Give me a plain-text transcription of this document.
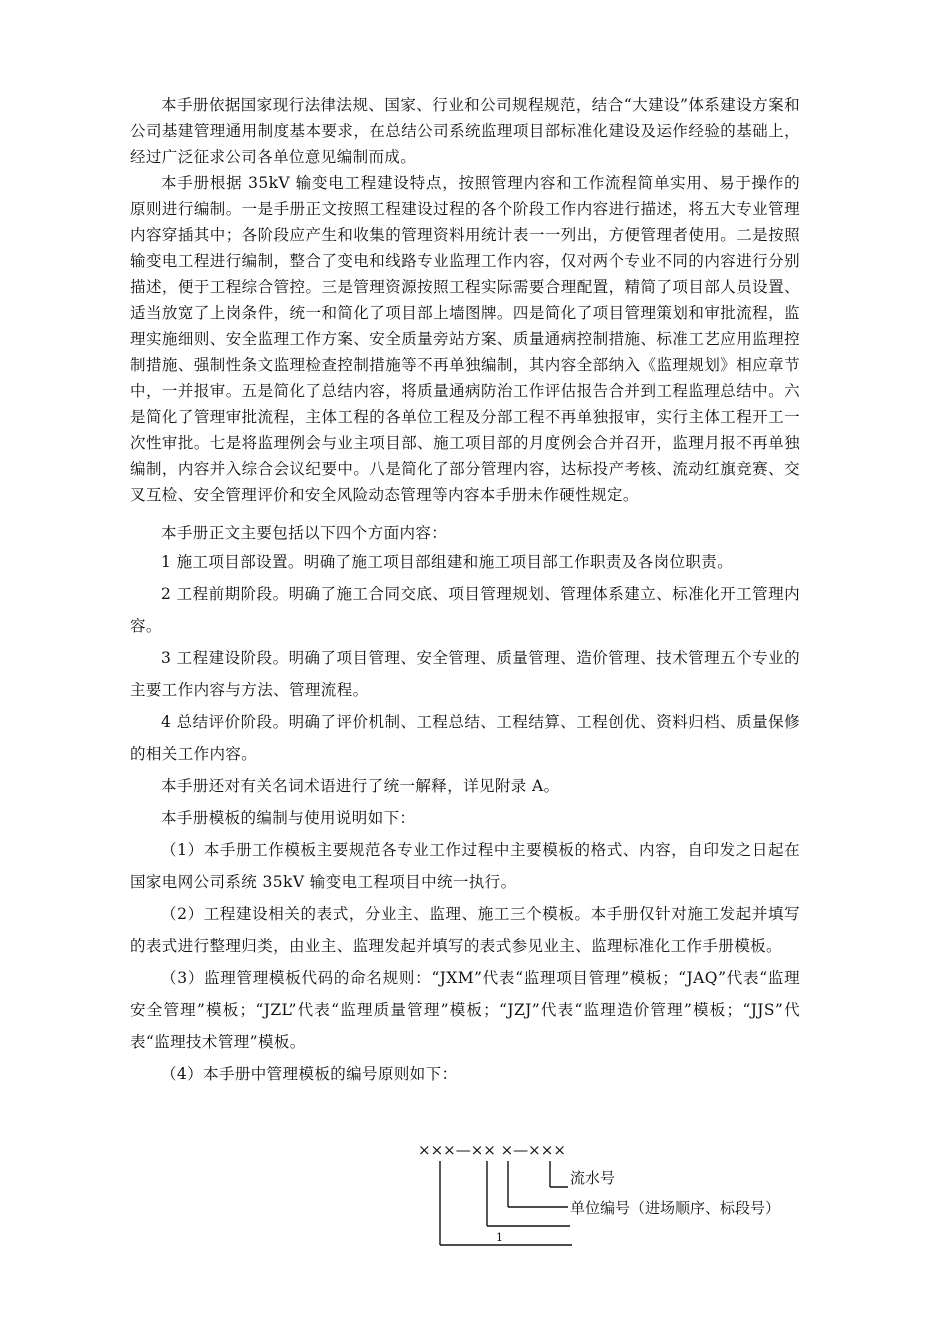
本手册依据国家现行法律法规、国家、行业和公司规程规范，结合“大建设”体系建设方案和公司基建管理通用制度基本要求，在总结公司系统监理项目部标准化建设及运作经验的基础上，经过广泛征求公司各单位意见编制而成。

本手册根据 35kV 输变电工程建设特点，按照管理内容和工作流程简单实用、易于操作的原则进行编制。一是手册正文按照工程建设过程的各个阶段工作内容进行描述，将五大专业管理内容穿插其中；各阶段应产生和收集的管理资料用统计表一一列出，方便管理者使用。二是按照输变电工程进行编制，整合了变电和线路专业监理工作内容，仅对两个专业不同的内容进行分别描述，便于工程综合管控。三是管理资源按照工程实际需要合理配置，精简了项目部人员设置、适当放宽了上岗条件，统一和简化了项目部上墙图牌。四是简化了项目管理策划和审批流程，监理实施细则、安全监理工作方案、安全质量旁站方案、质量通病控制措施、标准工艺应用监理控制措施、强制性条文监理检查控制措施等不再单独编制，其内容全部纳入《监理规划》相应章节中，一并报审。五是简化了总结内容，将质量通病防治工作评估报告合并到工程监理总结中。六是简化了管理审批流程，主体工程的各单位工程及分部工程不再单独报审，实行主体工程开工一次性审批。七是将监理例会与业主项目部、施工项目部的月度例会合并召开，监理月报不再单独编制，内容并入综合会议纪要中。八是简化了部分管理内容，达标投产考核、流动红旗竞赛、交叉互检、安全管理评价和安全风险动态管理等内容本手册未作硬性规定。

本手册正文主要包括以下四个方面内容：

1 施工项目部设置。明确了施工项目部组建和施工项目部工作职责及各岗位职责。

2 工程前期阶段。明确了施工合同交底、项目管理规划、管理体系建立、标准化开工管理内容。

3 工程建设阶段。明确了项目管理、安全管理、质量管理、造价管理、技术管理五个专业的主要工作内容与方法、管理流程。

4 总结评价阶段。明确了评价机制、工程总结、工程结算、工程创优、资料归档、质量保修的相关工作内容。

本手册还对有关名词术语进行了统一解释，详见附录 A。

本手册模板的编制与使用说明如下：

（1）本手册工作模板主要规范各专业工作过程中主要模板的格式、内容，自印发之日起在国家电网公司系统 35kV 输变电工程项目中统一执行。

（2）工程建设相关的表式，分业主、监理、施工三个模板。本手册仅针对施工发起并填写的表式进行整理归类，由业主、监理发起并填写的表式参见业主、监理标准化工作手册模板。

（3）监理管理模板代码的命名规则：“JXM”代表“监理项目管理”模板；“JAQ”代表“监理安全管理”模板；“JZL”代表“监理质量管理”模板；“JZJ”代表“监理造价管理”模板；“JJS”代表“监理技术管理”模板。

（4）本手册中管理模板的编号原则如下：

×××—×× ×—×××
流水号
单位编号（进场顺序、标段号）
1
